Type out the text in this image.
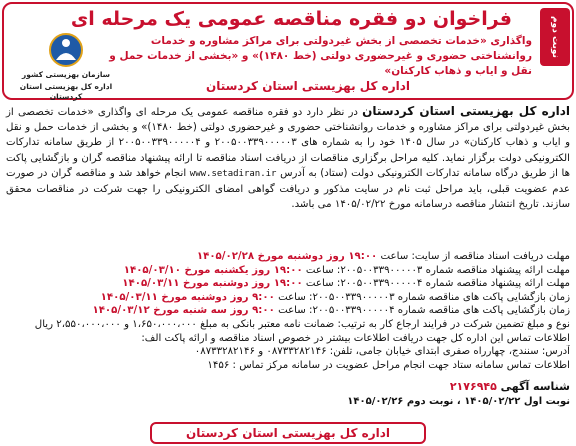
نوبت دوم
فراخوان دو فقره مناقصه عمومی یک مرحله ای
واگذاری «خدمات تخصصی از بخش غیردولتی برای مراکز مشاوره و خدمات روانشناختی حضوری و غیرحضوری دولتی (خط ۱۴۸۰)» و «بخشی از خدمات حمل و نقل و ایاب و ذهاب کارکنان»
اداره کل بهزیستی استان کردستان
سازمان بهزیستی کشور
اداره کل بهزیستی استان کردستان
اداره کل بهزیستی استان کردستان در نظر دارد دو فقره مناقصه عمومی یک مرحله ای واگذاری «خدمات تخصصی از بخش غیردولتی برای مراکز مشاوره و خدمات روانشناختی حضوری و غیرحضوری دولتی (خط ۱۴۸۰)» و بخشی از خدمات حمل و نقل و ایاب و ذهاب کارکنان» در سال ۱۴۰۵ خود را به شماره های ۲۰۰۵۰۰۳۳۹۰۰۰۰۰۳ و ۲۰۰۵۰۰۳۳۹۰۰۰۰۰۴ از طریق سامانه تدارکات الکترونیکی دولت برگزار نماید. کلیه مراحل برگزاری مناقصات از دریافت اسناد مناقصه تا ارائه پیشنهاد مناقصه گران و بازگشایی پاکت ها از طریق درگاه سامانه تدارکات الکترونیکی دولت (ستاد) به آدرس www.setadiran.ir انجام خواهد شد و مناقصه گران در صورت عدم عضویت قبلی، باید مراحل ثبت نام در سایت مذکور و دریافت گواهی امضای الکترونیکی را جهت شرکت در مناقصات محقق سازند. تاریخ انتشار مناقصه درسامانه مورخ ۱۴۰۵/۰۲/۲۲ می باشد.
مهلت دریافت اسناد مناقصه از سایت: ساعت ۱۹:۰۰ روز دوشنبه مورخ ۱۴۰۵/۰۲/۲۸
مهلت ارائه پیشنهاد مناقصه شماره ۲۰۰۵۰۰۳۳۹۰۰۰۰۰۳: ساعت ۱۹:۰۰ روز یکشنبه مورخ ۱۴۰۵/۰۳/۱۰
مهلت ارائه پیشنهاد مناقصه شماره ۲۰۰۵۰۰۳۳۹۰۰۰۰۰۴: ساعت ۱۹:۰۰ روز دوشنبه مورخ ۱۴۰۵/۰۳/۱۱
زمان بازگشایی پاکت های مناقصه شماره ۲۰۰۵۰۰۳۳۹۰۰۰۰۰۳: ساعت ۹:۰۰ روز دوشنبه مورخ ۱۴۰۵/۰۳/۱۱
زمان بازگشایی پاکت های مناقصه شماره ۲۰۰۵۰۰۳۳۹۰۰۰۰۰۴: ساعت ۹:۰۰ روز سه شنبه مورخ ۱۴۰۵/۰۳/۱۲
نوع و مبلغ تضمین شرکت در فرایند ارجاع کار به ترتیب: ضمانت نامه معتبر بانکی به مبلغ ۱،۶۵۰،۰۰۰،۰۰۰ و ۲،۵۵۰،۰۰۰،۰۰۰ ریال
اطلاعات تماس این اداره کل جهت دریافت اطلاعات بیشتر در خصوص اسناد مناقصه و ارائه پاکت الف:
آدرس: سنندج، چهارراه صفری ابتدای خیابان جامی، تلفن: ۰۸۷۳۳۲۸۲۱۴۶ و ۰۸۷۳۳۲۸۲۱۴۶
اطلاعات تماس سامانه ستاد جهت انجام مراحل عضویت در سامانه مرکز تماس : ۱۴۵۶
شناسه آگهی ۲۱۷۶۹۴۵
نوبت اول ۱۴۰۵/۰۲/۲۲ ، نوبت دوم ۱۴۰۵/۰۲/۲۶
اداره کل بهزیستی استان کردستان
